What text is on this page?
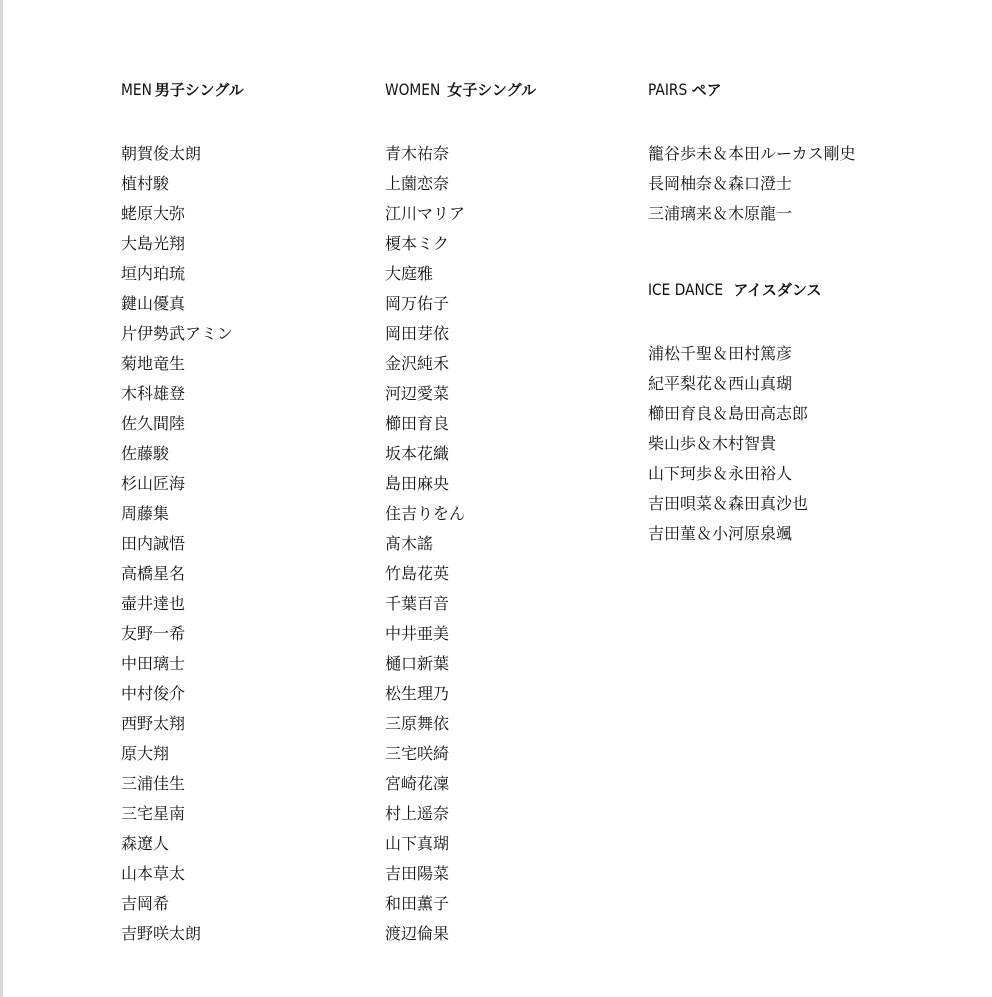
MEN 男子シングル
朝賀俊太朗
植村駿
蛯原大弥
大島光翔
垣内珀琉
鍵山優真
片伊勢武アミン
菊地竜生
木科雄登
佐久間陸
佐藤駿
杉山匠海
周藤集
田内誠悟
高橋星名
壷井達也
友野一希
中田璃士
中村俊介
西野太翔
原大翔
三浦佳生
三宅星南
森遼人
山本草太
吉岡希
吉野咲太朗
WOMEN 女子シングル
青木祐奈
上薗恋奈
江川マリア
榎本ミク
大庭雅
岡万佑子
岡田芽依
金沢純禾
河辺愛菜
櫛田育良
坂本花織
島田麻央
住吉りをん
髙木謠
竹島花英
千葉百音
中井亜美
樋口新葉
松生理乃
三原舞依
三宅咲綺
宮崎花凜
村上遥奈
山下真瑚
吉田陽菜
和田薫子
渡辺倫果
PAIRS ペア
籠谷歩未＆本田ルーカス剛史
長岡柚奈＆森口澄士
三浦璃来＆木原龍一
ICE DANCE アイスダンス
浦松千聖＆田村篤彦
紀平梨花＆西山真瑚
櫛田育良＆島田高志郎
柴山歩＆木村智貴
山下珂歩＆永田裕人
吉田唄菜＆森田真沙也
吉田菫＆小河原泉颯
